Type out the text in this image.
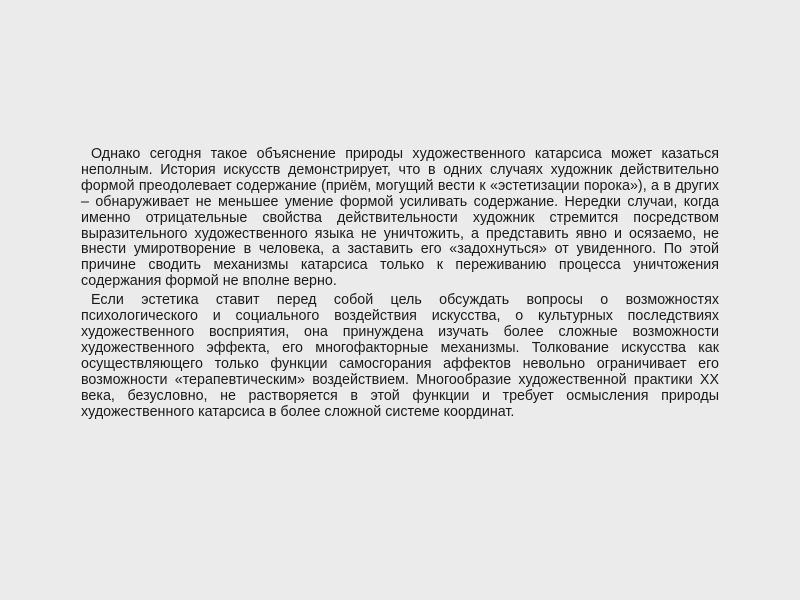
Однако сегодня такое объяснение природы художественного катарсиса может казаться неполным. История искусств демонстрирует, что в одних случаях художник действительно формой преодолевает содержание (приём, могущий вести к «эстетизации порока»), а в других – обнаруживает не меньшее умение формой усиливать содержание. Нередки случаи, когда именно отрицательные свойства действительности художник стремится посредством выразительного художественного языка не уничтожить, а представить явно и осязаемо, не внести умиротворение в человека, а заставить его «задохнуться» от увиденного. По этой причине сводить механизмы катарсиса только к переживанию процесса уничтожения содержания формой не вполне верно.

Если эстетика ставит перед собой цель обсуждать вопросы о возможностях психологического и социального воздействия искусства, о культурных последствиях художественного восприятия, она принуждена изучать более сложные возможности художественного эффекта, его многофакторные механизмы. Толкование искусства как осуществляющего только функции самосгорания аффектов невольно ограничивает его возможности «терапевтическим» воздействием. Многообразие художественной практики XX века, безусловно, не растворяется в этой функции и требует осмысления природы художественного катарсиса в более сложной системе координат.
